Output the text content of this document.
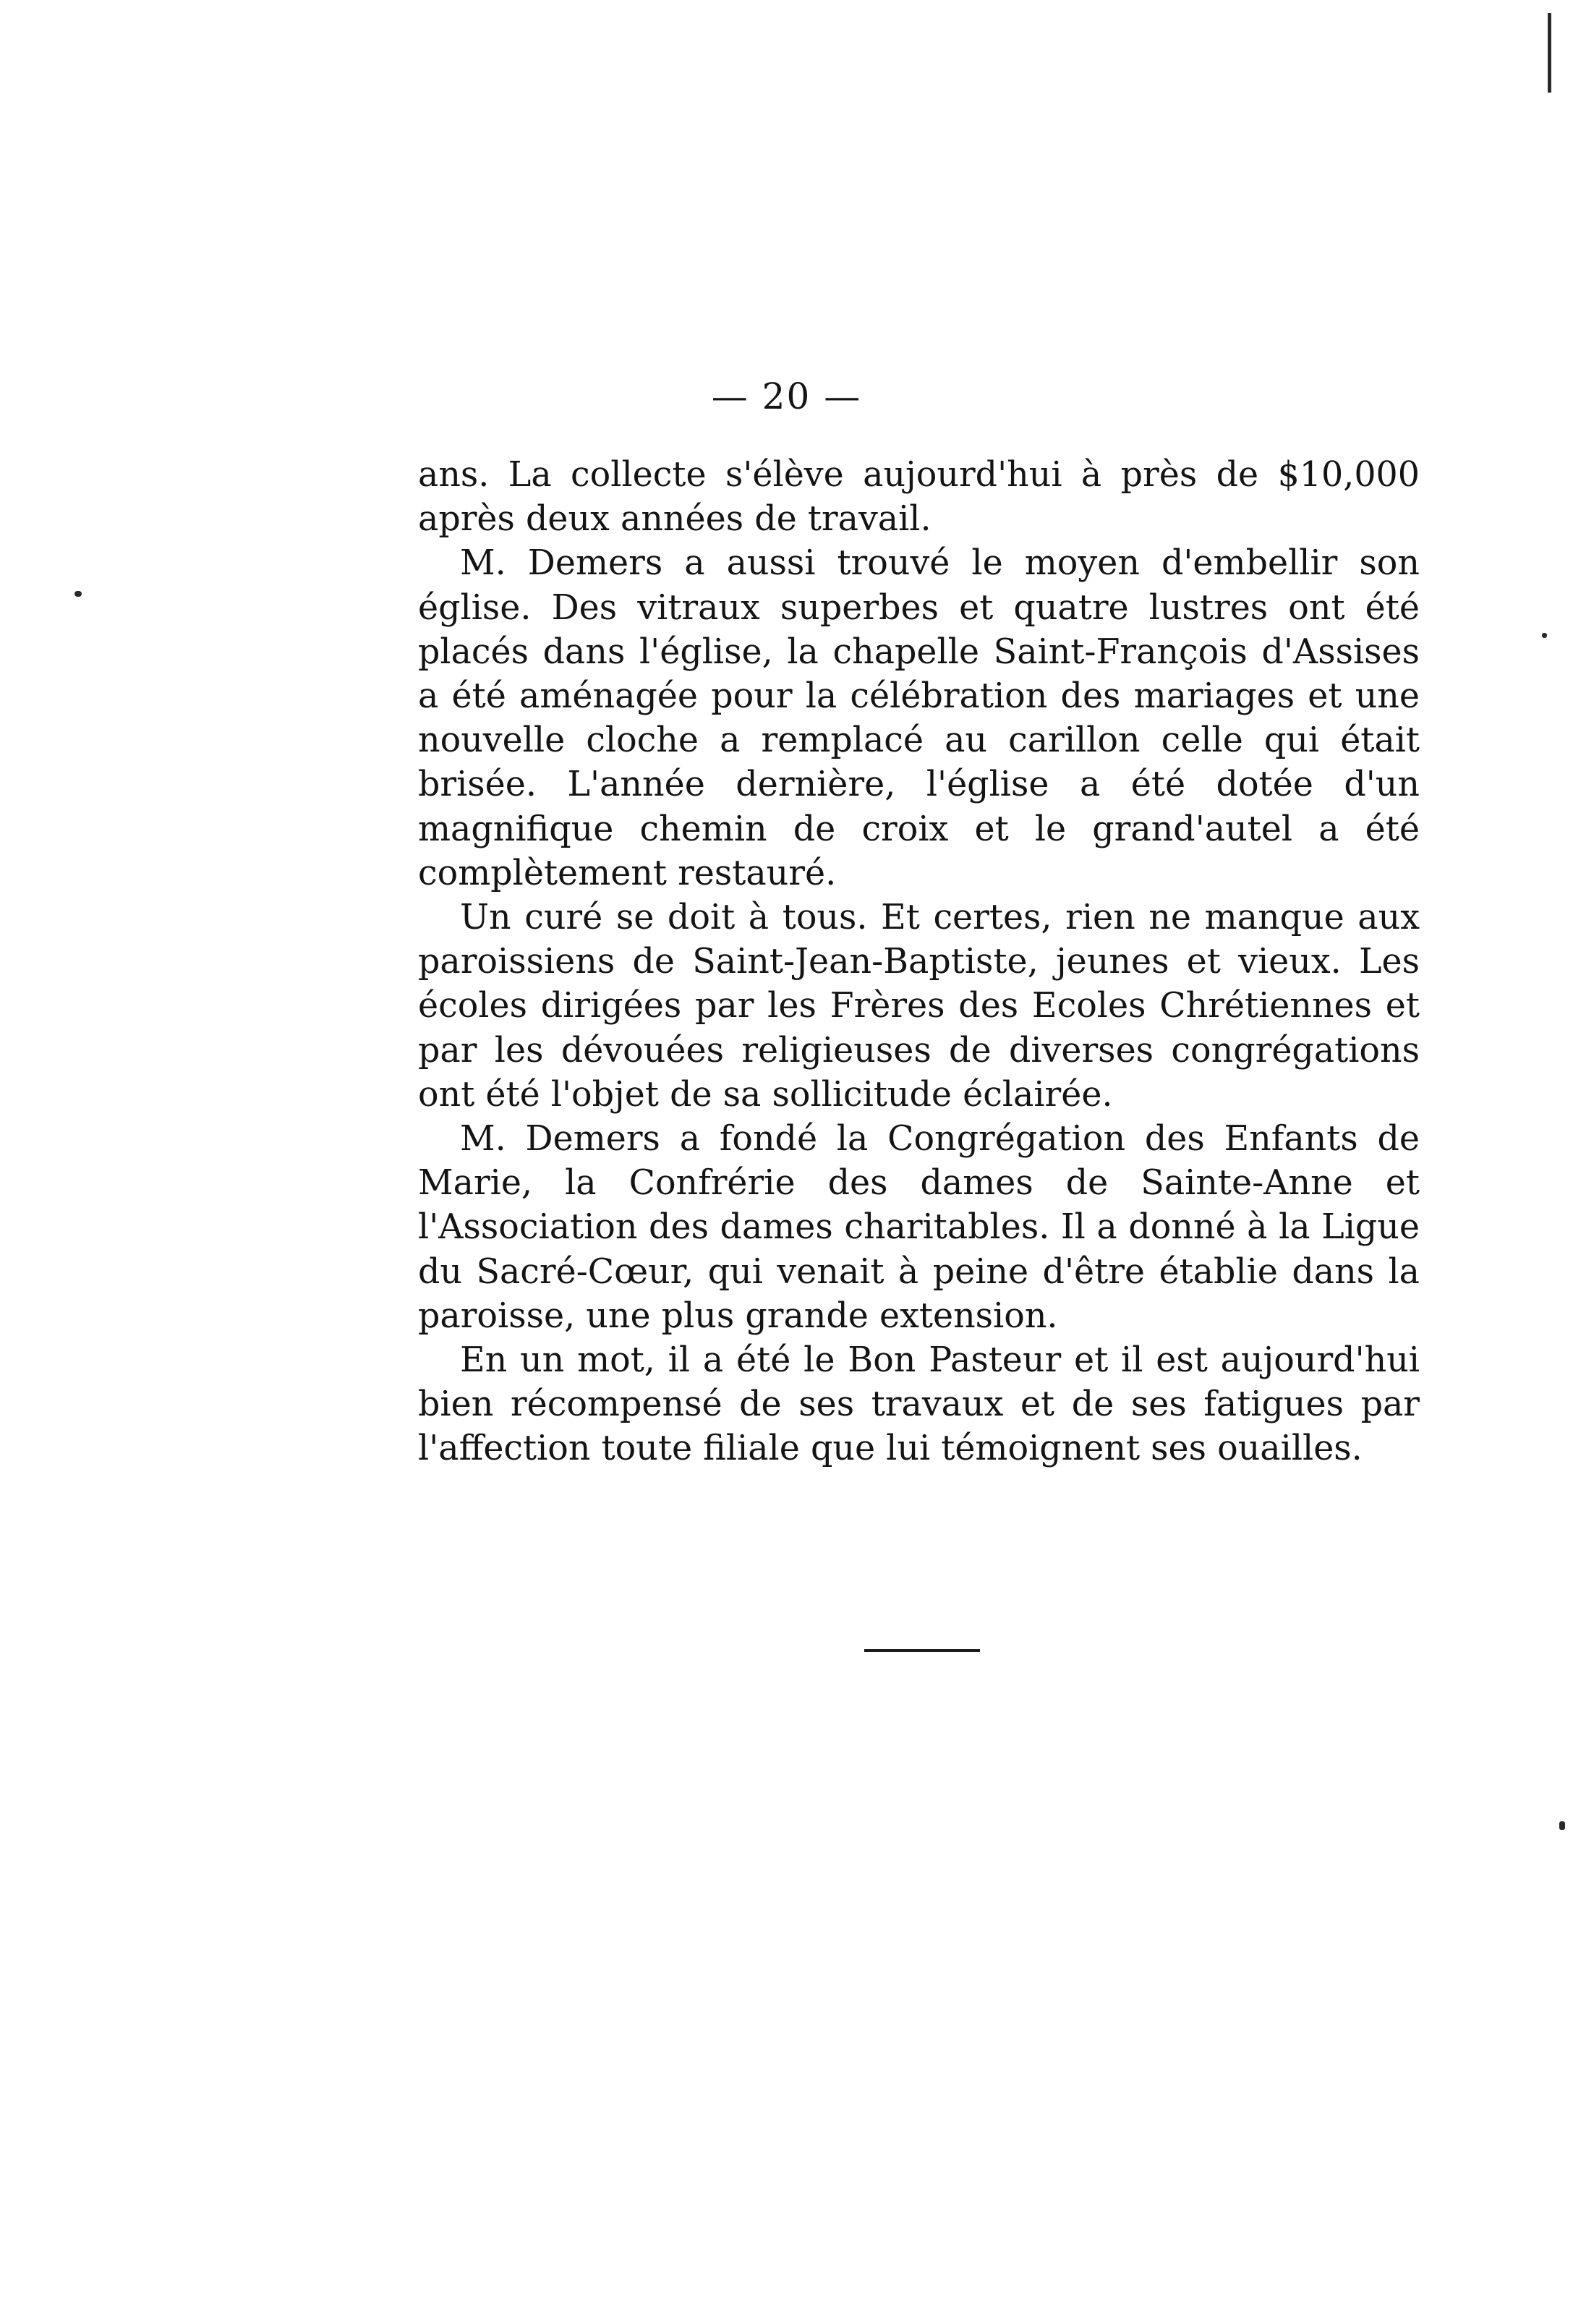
— 20 —

ans. La collecte s'élève aujourd'hui à près de $10,000 après deux années de travail.

M. Demers a aussi trouvé le moyen d'embellir son église. Des vitraux superbes et quatre lustres ont été placés dans l'église, la chapelle Saint-François d'Assises a été aménagée pour la célébration des mariages et une nouvelle cloche a remplacé au carillon celle qui était brisée. L'année dernière, l'église a été dotée d'un magnifique chemin de croix et le grand'autel a été complètement restauré.

Un curé se doit à tous. Et certes, rien ne manque aux paroissiens de Saint-Jean-Baptiste, jeunes et vieux. Les écoles dirigées par les Frères des Ecoles Chrétiennes et par les dévouées religieuses de diverses congrégations ont été l'objet de sa sollicitude éclairée.

M. Demers a fondé la Congrégation des Enfants de Marie, la Confrérie des dames de Sainte-Anne et l'Association des dames charitables. Il a donné à la Ligue du Sacré-Cœur, qui venait à peine d'être établie dans la paroisse, une plus grande extension.

En un mot, il a été le Bon Pasteur et il est aujourd'hui bien récompensé de ses travaux et de ses fatigues par l'affection toute filiale que lui témoignent ses ouailles.
